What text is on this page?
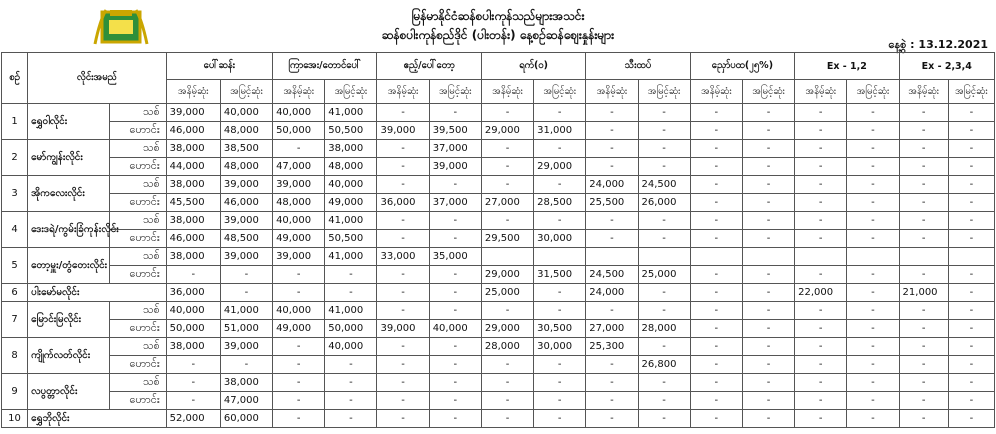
မြန်မာနိုင်ငံဆန်စပါးကုန်သည်များအသင်း
ဆန်စပါးကုန်စည်ဒိုင် (ပါးတန်း) နေ့စဉ်ဆန်စျေးနှုန်းများ
နေ့စွဲ : 13.12.2021
စဉ်	လိုင်းအမည်		ပေါ်ဆန်း		ကြာအေး/တောင်ပေါ်		ဧည့်/ပေါ်တော့		ရက်(ဝ)		သီးထပ်		ညှော်ပထ(၂၅%)		Ex - 1,2		Ex - 2,3,4	
			အနိမ့်ဆုံး	အမြင့်ဆုံး	အနိမ့်ဆုံး	အမြင့်ဆုံး	အနိမ့်ဆုံး	အမြင့်ဆုံး	အနိမ့်ဆုံး	အမြင့်ဆုံး	အနိမ့်ဆုံး	အမြင့်ဆုံး	အနိမ့်ဆုံး	အမြင့်ဆုံး	အနိမ့်ဆုံး	အမြင့်ဆုံး	အနိမ့်ဆုံး	အမြင့်ဆုံး
1	ရွှေဝါလိုင်း	သစ်	39,000	40,000	40,000	41,000	-	-	-	-	-	-	-	-	-	-	-	-
		ဟောင်း	46,000	48,000	50,000	50,500	39,000	39,500	29,000	31,000	-	-	-	-	-	-	-	-
2	မော်ကျွန်းလိုင်း	သစ်	38,000	38,500	-	38,000	-	37,000	-	-	-	-	-	-	-	-	-	-
		ဟောင်း	44,000	48,000	47,000	48,000	-	39,000	-	29,000	-	-	-	-	-	-	-	-
3	အိုကလေးလိုင်း	သစ်	38,000	39,000	39,000	40,000	-	-	-	-	24,000	24,500	-	-	-	-	-	-
		ဟောင်း	45,500	46,000	48,000	49,000	36,000	37,000	27,000	28,500	25,500	26,000	-	-	-	-	-	-
4	ဒေးဒရဲ/ကွမ်းခြံကုန်းလိုင်း	သစ်	38,000	39,000	40,000	41,000	-	-	-	-	-	-	-	-	-	-	-	-
		ဟောင်း	46,000	48,500	49,000	50,500	-	-	29,500	30,000	-	-	-	-	-	-	-	-
5	တော့မှူး/တွံတေးလိုင်း	သစ်	38,000	39,000	39,000	41,000	33,000	35,000										
		ဟောင်း	-	-	-	-	-	-	29,000	31,500	24,500	25,000	-	-	-	-	-	-
6	ပါးမော်မလိုင်း		36,000	-	-	-	-	-	25,000	-	24,000	-	-	-	22,000	-	21,000	-
7	မြောင်းမြလိုင်း	သစ်	40,000	41,000	40,000	41,000	-	-	-	-	-	-	-	-	-	-	-	-
		ဟောင်း	50,000	51,000	49,000	50,000	39,000	40,000	29,000	30,500	27,000	28,000	-	-	-	-	-	-
8	ကျိုက်လတ်လိုင်း	သစ်	38,000	39,000	-	40,000	-	-	28,000	30,000	25,300	-	-	-	-	-	-	-
		ဟောင်း	-	-	-	-	-	-	-	-	-	26,800	-	-	-	-	-	-
9	လပွတ္တာလိုင်း	သစ်	-	38,000	-	-	-	-	-	-	-	-	-	-	-	-	-	-
		ဟောင်း	-	47,000	-	-	-	-	-	-	-	-	-	-	-	-	-	-
10	ရွှေဘိုလိုင်း		52,000	60,000	-	-	-	-	-	-	-	-	-	-	-	-	-	-
